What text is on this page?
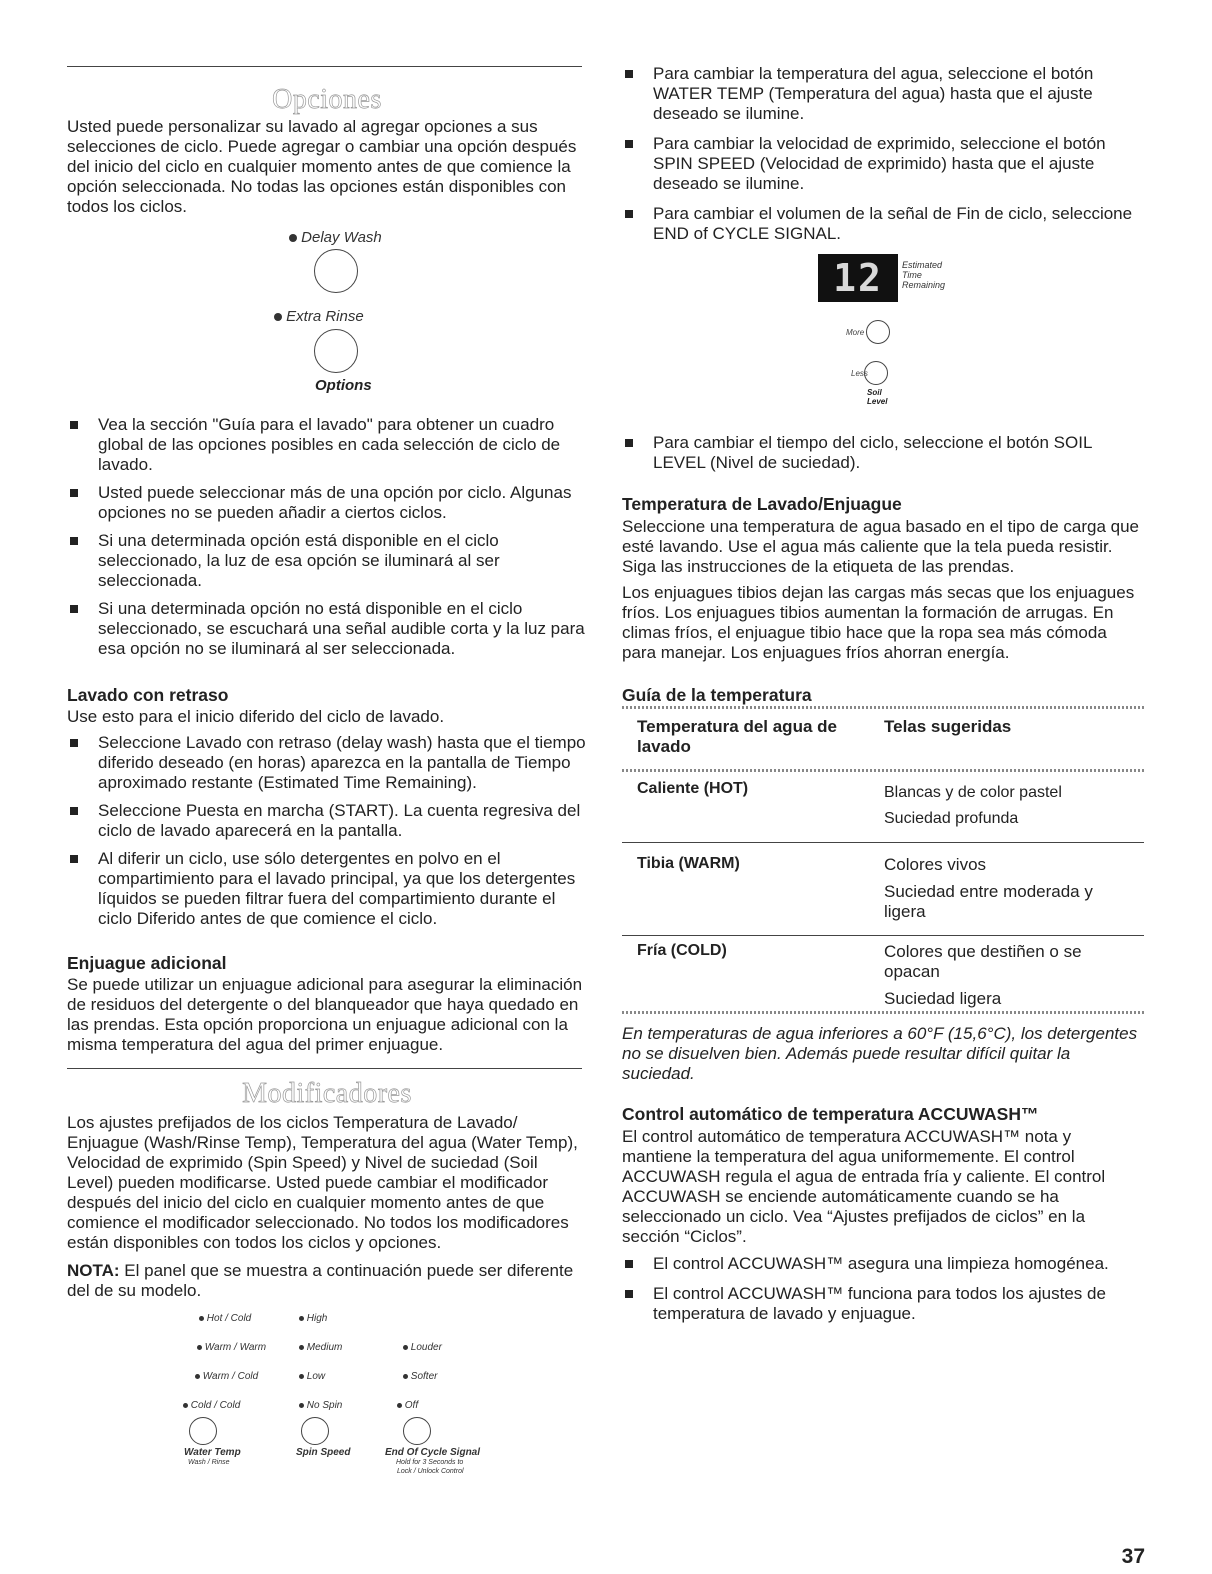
Opciones

Usted puede personalizar su lavado al agregar opciones a sus selecciones de ciclo. Puede agregar o cambiar una opción después del inicio del ciclo en cualquier momento antes de que comience la opción seleccionada. No todas las opciones están disponibles con todos los ciclos.

Delay Wash
Extra Rinse
Options
Vea la sección "Guía para el lavado" para obtener un cuadro global de las opciones posibles en cada selección de ciclo de lavado.
Usted puede seleccionar más de una opción por ciclo. Algunas opciones no se pueden añadir a ciertos ciclos.
Si una determinada opción está disponible en el ciclo seleccionado, la luz de esa opción se iluminará al ser seleccionada.
Si una determinada opción no está disponible en el ciclo seleccionado, se escuchará una señal audible corta y la luz para esa opción no se iluminará al ser seleccionada.
Lavado con retraso

Use esto para el inicio diferido del ciclo de lavado.

Seleccione Lavado con retraso (delay wash) hasta que el tiempo diferido deseado (en horas) aparezca en la pantalla de Tiempo aproximado restante (Estimated Time Remaining).
Seleccione Puesta en marcha (START). La cuenta regresiva del ciclo de lavado aparecerá en la pantalla.
Al diferir un ciclo, use sólo detergentes en polvo en el compartimiento para el lavado principal, ya que los detergentes líquidos se pueden filtrar fuera del compartimiento durante el ciclo Diferido antes de que comience el ciclo.
Enjuague adicional

Se puede utilizar un enjuague adicional para asegurar la eliminación de residuos del detergente o del blanqueador que haya quedado en las prendas. Esta opción proporciona un enjuague adicional con la misma temperatura del agua del primer enjuague.

Modificadores

Los ajustes prefijados de los ciclos Temperatura de Lavado/ Enjuague (Wash/Rinse Temp), Temperatura del agua (Water Temp), Velocidad de exprimido (Spin Speed) y Nivel de suciedad (Soil Level) pueden modificarse. Usted puede cambiar el modificador después del inicio del ciclo en cualquier momento antes de que comience el modificador seleccionado. No todos los modificadores están disponibles con todos los ciclos y opciones.

NOTA: El panel que se muestra a continuación puede ser diferente del de su modelo.

Hot / Cold
Warm / Warm
Warm / Cold
Cold / Cold
Water Temp
Wash / Rinse
High
Medium
Low
No Spin
Spin Speed
Louder
Softer
Off
End Of Cycle Signal
Hold for 3 Seconds to
Lock / Unlock Control
Para cambiar la temperatura del agua, seleccione el botón WATER TEMP (Temperatura del agua) hasta que el ajuste deseado se ilumine.
Para cambiar la velocidad de exprimido, seleccione el botón SPIN SPEED (Velocidad de exprimido) hasta que el ajuste deseado se ilumine.
Para cambiar el volumen de la señal de Fin de ciclo, seleccione END of CYCLE SIGNAL.
12	Estimated
Time
Remaining
More
Less
Soil
Level
Para cambiar el tiempo del ciclo, seleccione el botón SOIL LEVEL (Nivel de suciedad).
Temperatura de Lavado/Enjuague

Seleccione una temperatura de agua basado en el tipo de carga que esté lavando. Use el agua más caliente que la tela pueda resistir. Siga las instrucciones de la etiqueta de las prendas.

Los enjuagues tibios dejan las cargas más secas que los enjuagues fríos. Los enjuagues tibios aumentan la formación de arrugas. En climas fríos, el enjuague tibio hace que la ropa sea más cómoda para manejar. Los enjuagues fríos ahorran energía.

Guía de la temperatura
Temperatura del agua de lavado
Telas sugeridas
Caliente (HOT)	Blancas y de color pastel
Suciedad profunda
Tibia (WARM)	Colores vivos
Suciedad entre moderada y ligera
Fría (COLD)	Colores que destiñen o se opacan
Suciedad ligera

En temperaturas de agua inferiores a 60°F (15,6°C), los detergentes no se disuelven bien. Además puede resultar difícil quitar la suciedad.

Control automático de temperatura ACCUWASH™

El control automático de temperatura ACCUWASH™ nota y mantiene la temperatura del agua uniformemente. El control ACCUWASH regula el agua de entrada fría y caliente. El control ACCUWASH se enciende automáticamente cuando se ha seleccionado un ciclo. Vea “Ajustes prefijados de ciclos” en la sección “Ciclos”.

El control ACCUWASH™ asegura una limpieza homogénea.
El control ACCUWASH™ funciona para todos los ajustes de temperatura de lavado y enjuague.
37
